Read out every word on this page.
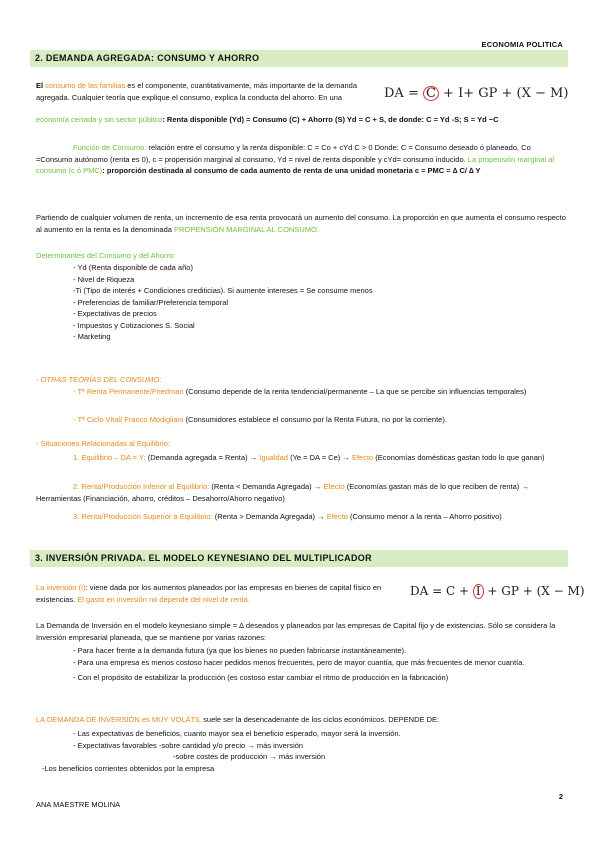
ECONOMIA POLITICA
2. DEMANDA AGREGADA: CONSUMO Y AHORRO
DA = C + I+ GP + (X − M)
El consumo de las familias es el componente, cuantitativamente, más importante de la demanda agregada. Cualquier teoría que explique el consumo, explica la conducta del ahorro. En una
economía cerrada y sin sector público: Renta disponible (Yd) = Consumo (C) + Ahorro (S) Yd = C + S, de donde: C = Yd -S; S = Yd −C
Función de Consumo: relación entre el consumo y la renta disponible: C = Co + cYd C > 0 Donde: C = Consumo deseado ó planeado, Co =Consumo autónomo (renta es 0), c = propensión marginal al consumo, Yd = nivel de renta disponible y cYd= consumo inducido. La propensión marginal al consumo (c ó PMC): proporción destinada al consumo de cada aumento de renta de una unidad monetaria c = PMC = ∆ C/ ∆ Y
Partiendo de cualquier volumen de renta, un incremento de esa renta provocará un aumento del consumo. La proporción en que aumenta el consumo respecto al aumento en la renta es la denominada PROPENSIÓN MARGINAL AL CONSUMO.
Determinantes del Consumo y del Ahorro:
- Yd (Renta disponible de cada año)
- Nivel de Riqueza
-Ti (Tipo de interés + Condiciones crediticias). Si aumente intereses = Se consume menos
- Preferencias de familiar/Preferencia temporal
- Expectativas de precios
- Impuestos y Cotizaciones S. Social
- Marketing
- OTRAS TEORÍAS DEL CONSUMO:
- Tª Renta Permanente/Friedman (Consumo depende de la renta tendencial/permanente – La que se percibe sin influencias temporales)
- Tª Ciclo Vital/ Franco Modigliani (Consumidores establece el consumo por la Renta Futura, no por la corriente).
- Situaciones Relacionadas al Equilibrio:
1. Equilibrio – DA = Y: (Demanda agregada = Renta) → Igualdad (Ye = DA = Ce) → Efecto (Economías domésticas gastan todo lo que ganan)
2. Renta/Producción Inferior al Equilibrio: (Renta < Demanda Agregada) → Efecto (Economías gastan más de lo que reciben de renta) → Herramientas (Financiación, ahorro, créditos – Desahorro/Ahorro negativo)
3. Renta/Producción Superior a Equilibrio: (Renta > Demanda Agregada) → Efecto (Consumo menor a la renta – Ahorro positivo)
3. INVERSIÓN PRIVADA. EL MODELO KEYNESIANO DEL MULTIPLICADOR
DA = C + I + GP + (X − M)
La inversión (I): viene dada por los aumentos planeados por las empresas en bienes de capital físico en existencias. El gasto en inversión no depende del nivel de renta.
La Demanda de Inversión en el modelo keynesiano simple = ∆ deseados y planeados por las empresas de Capital fijo y de existencias. Sólo se considera la Inversión empresarial planeada, que se mantiene por varias razones:
- Para hacer frente a la demanda futura (ya que los bienes no pueden fabricarse instantáneamente).
- Para una empresa es menos costoso hacer pedidos menos frecuentes, pero de mayor cuantía, que más frecuentes de menor cuantía.
- Con el propósito de estabilizar la producción (es costoso estar cambiar el ritmo de producción en la fabricación)
LA DEMANDA DE INVERSIÓN es MUY VOLÁTIL suele ser la desencadenante de los ciclos económicos. DEPENDE DE:
- Las expectativas de beneficios, cuanto mayor sea el beneficio esperado, mayor será la inversión.
- Expectativas favorables -sobre cantidad y/o precio → más inversión
-sobre costes de producción → más inversión
-Los beneficios corrientes obtenidos por la empresa
2
ANA MAESTRE MOLINA
